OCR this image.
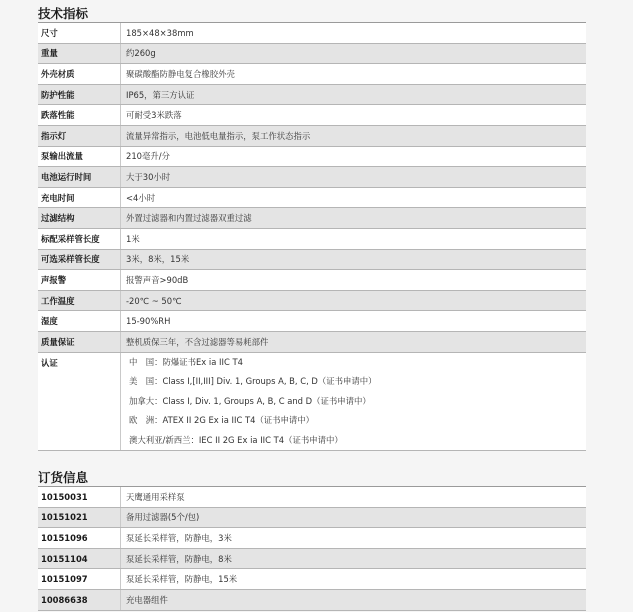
技术指标
尺寸	185×48×38mm
重量	约260g
外壳材质	聚碳酸酯防静电复合橡胶外壳
防护性能	IP65，第三方认证
跌落性能	可耐受3米跌落
指示灯	流量异常指示，电池低电量指示，泵工作状态指示
泵输出流量	210毫升/分
电池运行时间	大于30小时
充电时间	<4小时
过滤结构	外置过滤器和内置过滤器双重过滤
标配采样管长度	1米
可选采样管长度	3米，8米，15米
声报警	报警声音>90dB
工作温度	-20℃ ~ 50℃
湿度	15-90%RH
质量保证	整机质保三年，不含过滤器等易耗部件
认证	中　国：防爆证书Ex ia IIC T4
美　国：Class I,[II,III] Div. 1, Groups A, B, C, D（证书申请中）
加拿大：Class I, Div. 1, Groups A, B, C and D（证书申请中）
欧　洲：ATEX II 2G Ex ia IIC T4（证书申请中）
澳大利亚/新西兰：IEC II 2G Ex ia IIC T4（证书申请中）
订货信息
10150031	天鹰通用采样泵
10151021	备用过滤器(5个/包)
10151096	泵延长采样管，防静电，3米
10151104	泵延长采样管，防静电，8米
10151097	泵延长采样管，防静电，15米
10086638	充电器组件
